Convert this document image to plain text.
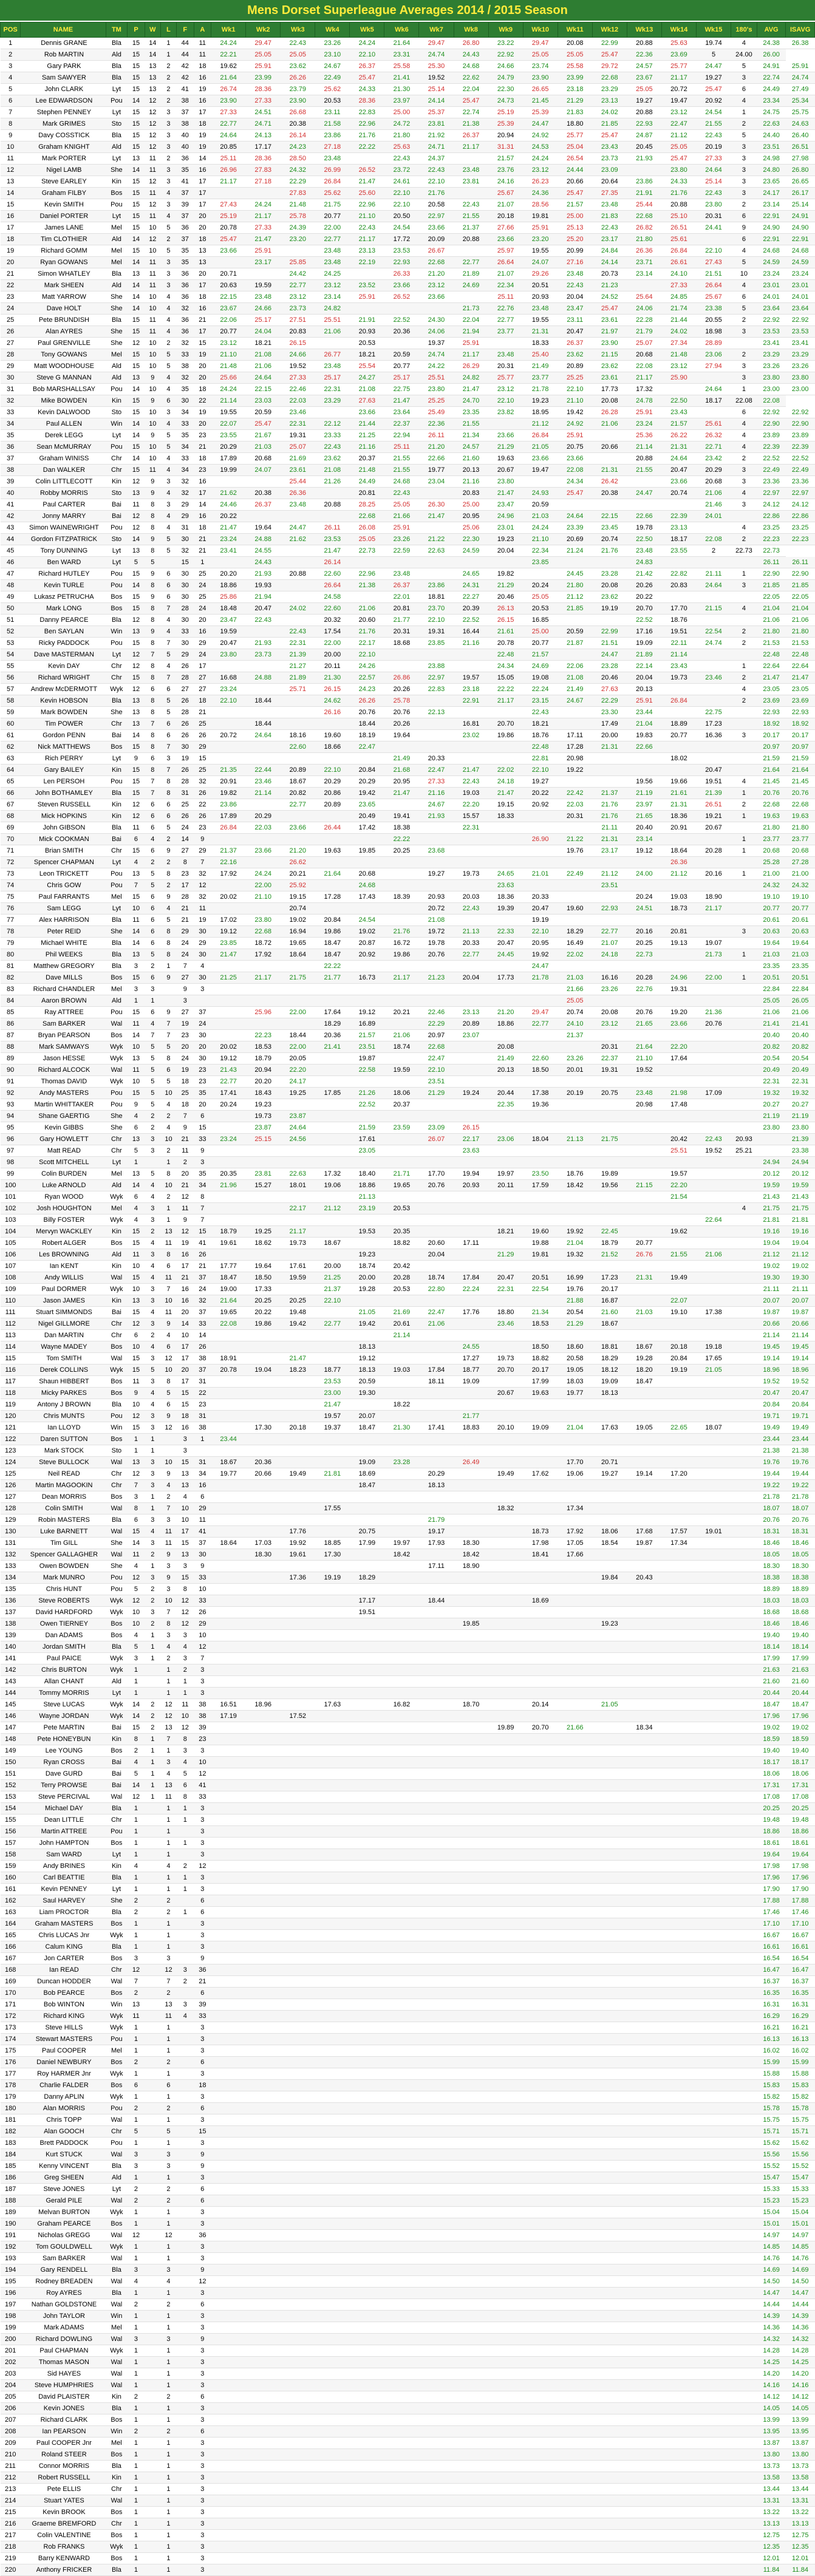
Mens Dorset Superleague Averages 2014 / 2015 Season
POS	NAME	TM	P	W	L	F	A	Wk1	Wk2	Wk3	Wk4	Wk5	Wk6	Wk7	Wk8	Wk9	Wk10	Wk11	Wk12	Wk13	Wk14	Wk15	180's	AVG	ISAVG
1	Dennis GRANE	Bla	15	14	1	44	11	24.24	29.47	22.43	23.26	24.24	21.64	29.47	26.80	23.22	29.47	20.08	22.99	20.88	25.63	19.74	4	24.38	26.38
2	Rob MARTIN	Ald	15	14	1	44	11	22.21	25.05	25.05	23.10	22.10	23.31	24.74	24.43	22.92	25.05	25.05	25.47	22.36	23.69	5	24.00	26.00	
3	Gary PARK	Bla	15	13	2	42	18	19.62	25.91	23.62	24.67	26.37	25.58	25.30	24.68	24.66	23.74	25.58	29.72	24.57	25.77	24.47	5	24.91	25.91
4	Sam SAWYER	Bla	15	13	2	42	16	21.64	23.99	26.26	22.49	25.47	21.41	19.52	22.62	24.79	23.90	23.99	22.68	23.67	21.17	19.27	3	22.74	24.74
5	John CLARK	Lyt	15	13	2	41	19	26.74	28.36	23.79	25.62	24.33	21.30	25.14	22.04	22.30	26.65	23.18	23.29	25.05	20.72	25.47	6	24.49	27.49
6	Lee EDWARDSON	Pou	14	12	2	38	16	23.90	27.33	23.90	20.53	28.36	23.97	24.14	25.47	24.73	21.45	21.29	23.13	19.27	19.47	20.92	4	23.34	25.34
7	Stephen PENNEY	Lyt	15	12	3	37	17	27.33	24.51	26.68	23.11	22.83	25.00	25.37	22.74	25.19	25.39	21.83	24.02	20.88	23.12	24.54	1	24.75	25.75
8	Mark GRIMES	Sto	15	12	3	38	18	22.77	24.71	20.38	21.58	22.96	24.72	23.81	21.38	25.39	24.47	18.80	21.85	22.93	22.47	21.55	2	22.63	24.63
9	Davy COSSTICK	Bla	15	12	3	40	19	24.64	24.13	26.14	23.86	21.76	21.80	21.92	26.37	20.94	24.92	25.77	25.47	24.87	21.12	22.43	5	24.40	26.40
10	Graham KNIGHT	Ald	15	12	3	40	19	20.85	17.17	24.23	27.18	22.22	25.63	24.71	21.17	31.31	24.53	25.04	23.43	20.45	25.05	20.19	3	23.51	26.51
11	Mark PORTER	Lyt	13	11	2	36	14	25.11	28.36	28.50	23.48		22.43	24.37		21.57	24.24	26.54	23.73	21.93	25.47	27.33	3	24.98	27.98
12	Nigel LAMB	She	14	11	3	35	16	26.96	27.83	24.32	26.99	26.52	23.72	22.43	23.48	23.76	23.12	24.44	23.09		23.80	24.64	3	24.80	26.80
13	Steve EARLEY	Kin	15	12	3	41	17	21.17	27.18	22.29	26.84	21.47	24.61	22.10	23.81	24.16	26.23	20.66	20.64	23.86	24.33	25.14	3	23.65	26.65
14	Graham FILBY	Bos	15	11	4	37	17			27.83	25.62	25.60	22.10	21.76		25.67	24.36	25.47	27.35	21.91	21.76	22.43	3	24.17	26.17
15	Kevin SMITH	Pou	15	12	3	39	17	27.43	24.24	21.48	21.75	22.96	22.10	20.58	22.43	21.07	28.56	21.57	23.48	25.44	20.88	23.80	2	23.14	25.14
16	Daniel PORTER	Lyt	15	11	4	37	20	25.19	21.17	25.78	20.77	21.10	20.50	22.97	21.55	20.18	19.81	25.00	21.83	22.68	25.10	20.31	6	22.91	24.91
17	James LANE	Mel	15	10	5	36	20	20.78	27.33	24.39	22.00	22.43	24.54	23.66	21.37	27.66	25.91	25.13	22.43	26.82	26.51	24.41	9	24.90	24.90
18	Tim CLOTHIER	Ald	14	12	2	37	18	25.47	21.47	23.20	22.77	21.17	17.72	20.09	20.88	23.66	23.20	25.20	23.17	21.80	25.61		6	22.91	22.91
19	Richard GOMM	Mel	15	10	5	35	13	23.66	25.91		23.48	23.13	23.53	26.67		25.97	19.55	20.99	24.84	26.36	26.84	22.10	4	24.68	24.68
20	Ryan GOWANS	Mel	14	11	3	35	13		23.17	25.85	23.48	22.19	22.93	22.68	22.77	26.64	24.07	27.16	24.14	23.71	26.61	27.43	5	24.59	24.59
21	Simon WHATLEY	Bla	13	11	3	36	20	20.71		24.42	24.25		26.33	21.20	21.89	21.07	29.26	23.48	20.73	23.14	24.10	21.51	10	23.24	23.24
22	Mark SHEEN	Ald	14	11	3	36	17	20.63	19.59	22.77	23.12	23.52	23.66	23.12	24.69	22.34	20.51	22.43	21.23		27.33	26.64	4	23.01	23.01
23	Matt YARROW	She	14	10	4	36	18	22.15	23.48	23.12	23.14	25.91	26.52	23.66		25.11	20.93	20.04	24.52	25.64	24.85	25.67	6	24.01	24.01
24	Dave HOLT	She	14	10	4	32	16	23.67	24.66	23.73	24.82				21.73	22.76	23.48	23.47	25.47	24.06	21.74	23.38	5	23.64	23.64
25	Pete BRUNDISH	Bla	15	11	4	36	21	22.06	25.17	27.51	25.51	21.91	22.52	24.30	22.04	22.77	19.55	23.11	23.61	22.28	21.44	20.55	2	22.92	22.92
26	Alan AYRES	She	15	11	4	36	17	20.77	24.04	20.83	21.06	20.93	20.36	24.06	21.94	23.77	21.31	20.47	21.97	21.79	24.02	18.98	3	23.53	23.53
27	Paul GRENVILLE	She	12	10	2	32	15	23.12	18.21	26.15		20.53		19.37	25.91		18.33	26.37	23.90	25.07	27.34	28.89		23.41	23.41
28	Tony GOWANS	Mel	15	10	5	33	19	21.10	21.08	24.66	26.77	18.21	20.59	24.74	21.17	23.48	25.40	23.62	21.15	20.68	21.48	23.06	2	23.29	23.29
29	Matt WOODHOUSE	Ald	15	10	5	38	20	21.48	21.06	19.52	23.48	25.54	20.77	24.22	26.29	20.31	21.49	20.89	23.62	22.08	23.12	27.94	3	23.26	23.26
30	Steve G MANNAN	Ald	13	9	4	32	20	25.66	24.64	27.33	25.17	24.27	25.17	25.51	24.82	25.77	23.77	25.25	23.61	21.17	25.90		3	23.80	23.80
31	Bob MARSHALLSAY	Pou	14	10	4	35	18	24.24	22.15	22.46	22.31	21.08	22.75	23.80	21.47	23.12	21.78	22.10	17.73	17.32		24.64	1	23.00	23.00
32	Mike BOWDEN	Kin	15	9	6	30	22	21.14	23.03	22.03	23.29	27.63	21.47	25.25	24.70	22.10	19.23	21.10	20.08	24.78	22.50	18.17	22.08	22.08	
33	Kevin DALWOOD	Sto	15	10	3	34	19	19.55	20.59	23.46		23.66	23.64	25.49	23.35	23.82	18.95	19.42	26.28	25.91	23.43		6	22.92	22.92
34	Paul ALLEN	Win	14	10	4	33	20	22.07	25.47	22.31	22.12	21.44	22.37	22.36	21.55		21.12	24.92	21.06	23.24	21.57	25.61	4	22.90	22.90
35	Derek LEGG	Lyt	14	9	5	35	23	23.55	21.67	19.31	23.33	21.25	22.94	26.11	21.34	23.66	26.84	25.91		25.36	26.22	26.32	4	23.89	23.89
36	Sean McMURRAY	Pou	15	10	5	34	21	20.29	21.03	25.07	22.43	21.16	25.11	21.20	24.57	21.29	21.05	20.75	20.66	21.14	21.31	22.71	4	22.39	22.39
37	Graham WINISS	Chr	14	10	4	33	18	17.89	20.68	21.69	23.62	20.37	21.55	22.66	21.60	19.63	23.66	23.66		20.88	24.64	23.42	2	22.52	22.52
38	Dan WALKER	Chr	15	11	4	34	23	19.99	24.07	23.61	21.08	21.48	21.55	19.77	20.13	20.67	19.47	22.08	21.31	21.55	20.47	20.29	3	22.49	22.49
39	Colin LITTLECOTT	Kin	12	9	3	32	16			25.44	21.26	24.49	24.68	23.04	21.16	23.80		24.34	26.42		23.66	20.68	3	23.36	23.36
40	Robby MORRIS	Sto	13	9	4	32	17	21.62	20.38	26.36		20.81	22.43		20.83	21.47	24.93	25.47	20.38	24.47	20.74	21.06	4	22.97	22.97
41	Paul CARTER	Bai	11	8	3	29	14	24.46	26.37	23.48	20.88	28.25	25.05	26.30	25.00	23.47	20.59					21.46	3	24.12	24.12
42	Jonny MARRY	Bai	12	8	4	29	16	20.22				22.68	21.66	21.47	20.95	24.96	21.03	24.64	22.15	22.66	22.39	24.01		22.86	22.86
43	Simon WAINEWRIGHT	Pou	12	8	4	31	18	21.47	19.64	24.47	26.11	26.08	25.91		25.06	23.01	24.24	23.39	23.45	19.78	23.13		4	23.25	23.25
44	Gordon FITZPATRICK	Sto	14	9	5	30	21	23.24	24.88	21.62	23.53	25.05	23.26	21.22	22.30	19.23	21.10	20.69	20.74	22.50	18.17	22.08	2	22.23	22.23
45	Tony DUNNING	Lyt	13	8	5	32	21	23.41	24.55		21.47	22.73	22.59	22.63	24.59	20.04	22.34	21.24	21.76	23.48	23.55	2	22.73	22.73	
46	Ben WARD	Lyt	5	5		15	1		24.43		26.14						23.85			24.83				26.11	26.11
47	Richard HUTLEY	Pou	15	9	6	30	25	20.20	21.93	20.88	22.60	22.96	23.48		24.65	19.82		24.45	23.28	21.42	22.82	21.11	1	22.90	22.90
48	Kevin TURLE	Pou	14	8	6	30	24	18.86	19.93		26.64	21.38	26.37	23.86	24.31	21.29	20.24	21.80	20.08	20.26	20.83	24.64	3	21.85	21.85
49	Lukasz PETRUCHA	Bos	15	9	6	30	25	25.86	21.94		24.58		22.01	18.81	22.27	20.46	25.05	21.12	23.62	20.22				22.05	22.05
50	Mark LONG	Bos	15	8	7	28	24	18.48	20.47	24.02	22.60	21.06	20.81	23.70	20.39	26.13	20.53	21.85	19.19	20.70	17.70	21.15	4	21.04	21.04
51	Danny PEARCE	Bla	12	8	4	30	20	23.47	22.43		20.32	20.60	21.77	22.10	22.52	26.15	16.85			22.52	18.76			21.06	21.06
52	Ben SAYLAN	Win	13	9	4	33	16	19.59		22.43	17.54	21.76	20.31	19.31	16.44	21.61	25.00	20.59	22.99	17.16	19.51	22.54	2	21.80	21.80
53	Ricky PADDOCK	Pou	15	8	7	30	29	20.47	21.93	22.31	22.00	22.17	18.68	23.85	21.16	20.78	20.77	21.87	21.51	19.09	22.11	24.74	2	21.53	21.53
54	Dave MASTERMAN	Lyt	12	7	5	29	24	23.80	23.73	21.39	20.00	22.10				22.48	21.57		24.47	21.89	21.14			22.48	22.48
55	Kevin DAY	Chr	12	8	4	26	17			21.27	20.11	24.26		23.88		24.34	24.69	22.06	23.28	22.14	23.43		1	22.64	22.64
56	Richard WRIGHT	Chr	15	8	7	28	27	16.68	24.88	21.89	21.30	22.57	26.86	22.97	19.57	15.05	19.08	21.08	20.46	20.04	19.73	23.46	2	21.47	21.47
57	Andrew McDERMOTT	Wyk	12	6	6	27	27	23.24		25.71	26.15	24.23	20.26	22.83	23.18	22.22	22.24	21.49	27.63	20.13			4	23.05	23.05
58	Kevin HOBSON	Bla	13	8	5	26	18	22.10	18.44		24.62	26.26	25.78		22.91	21.17	23.15	24.67	22.29	25.91	26.84		2	23.69	23.69
59	Mark BOWDEN	She	13	8	5	28	21				26.16	20.76	20.76	22.13			22.43		23.30	23.44		22.75		22.93	22.93
60	Tim POWER	Chr	13	7	6	26	25		18.44			18.44	20.26		16.81	20.70	18.21		17.49	21.04	18.89	17.23		18.92	18.92
61	Gordon PENN	Bai	14	8	6	26	26	20.72	24.64	18.16	19.60	18.19	19.64		23.02	19.86	18.76	17.11	20.00	19.83	20.77	16.36	3	20.17	20.17
62	Nick MATTHEWS	Bos	15	8	7	30	29			22.60	18.66	22.47					22.48	17.28	21.31	22.66				20.97	20.97
63	Rich PERRY	Lyt	9	6	3	19	15						21.49	20.33			22.81	20.98			18.02			21.59	21.59
64	Gary BAILEY	Kin	15	8	7	26	25	21.35	22.44	20.89	22.10	20.84	21.68	22.47	21.47	22.02	22.10	19.22				20.47		21.64	21.64
65	Len PERSOH	Pou	15	7	8	28	32	20.91	23.46	18.67	20.29	20.29	20.95	27.33	22.43	24.18	19.27			19.56	19.66	19.51	4	21.45	21.45
66	John BOTHAMLEY	Bla	15	7	8	31	26	19.82	21.14	20.82	20.86	19.42	21.47	21.16	19.03	21.47	20.22	22.42	21.37	21.19	21.61	21.39	1	20.76	20.76
67	Steven RUSSELL	Kin	12	6	6	25	22	23.86		22.77	20.89	23.65		24.67	22.20	19.15	20.92	22.03	21.76	23.97	21.31	26.51	2	22.68	22.68
68	Mick HOPKINS	Kin	12	6	6	26	26	17.89	20.29			20.49	19.41	21.93	15.57	18.33		20.31	21.76	21.65	18.36	19.21	1	19.63	19.63
69	John GIBSON	Bla	11	6	5	24	23	26.84	22.03	23.66	26.44	17.42	18.38		22.31				21.11	20.40	20.91	20.67		21.80	21.80
70	Mick COOKMAN	Bai	6	4	2	14	9						22.22				26.90	21.22	21.31	23.14			1	23.77	23.77
71	Brian SMITH	Chr	15	6	9	27	29	21.37	23.66	21.20	19.63	19.85	20.25	23.68				19.76	23.17	19.12	18.64	20.28	1	20.68	20.68
72	Spencer CHAPMAN	Lyt	4	2	2	8	7	22.16		26.62											26.36			25.28	27.28
73	Leon TRICKETT	Pou	13	5	8	23	32	17.92	24.24	20.21	21.64	20.68		19.27	19.73	24.65	21.01	22.49	21.12	24.00	21.12	20.16	1	21.00	21.00
74	Chris GOW	Pou	7	5	2	17	12		22.00	25.92		24.68				23.63			23.51					24.32	24.32
75	Paul FARRANTS	Mel	15	6	9	28	32	20.02	21.10	19.15	17.28	17.43	18.39	20.93	20.03	18.36	20.33			20.24	19.03	18.90		19.10	19.10
76	Sam LEGG	Lyt	10	6	4	21	11			20.74				20.72	22.43	19.39	20.47	19.60	22.93	24.51	18.73	21.17		20.77	20.77
77	Alex HARRISON	Bla	11	6	5	21	19	17.02	23.80	19.02	20.84	24.54		21.08			19.19							20.61	20.61
78	Peter REID	She	14	6	8	29	30	19.12	22.68	16.94	19.86	19.02	21.76	19.72	21.13	22.33	22.10	18.29	22.77	20.16	20.81		3	20.63	20.63
79	Michael WHITE	Bla	14	6	8	24	29	23.85	18.72	19.65	18.47	20.87	16.72	19.78	20.33	20.47	20.95	16.49	21.07	20.25	19.13	19.07		19.64	19.64
80	Phil WEEKS	Bla	13	5	8	24	30	21.47	17.92	18.64	18.47	20.92	19.86	20.76	22.77	24.45	19.92	22.02	24.18	22.73		21.73	1	21.03	21.03
81	Matthew GREGORY	Bla	3	2	1	7	4				22.22						24.47							23.35	23.35
82	Dave MILLS	Bos	15	6	9	27	30	21.25	21.17	21.75	21.77	16.73	21.17	21.23	20.04	17.73	21.78	21.03	16.16	20.28	24.96	22.00	1	20.51	20.51
83	Richard CHANDLER	Mel	3	3		9	3											21.66	23.26	22.76	19.31			22.84	22.84
84	Aaron BROWN	Ald	1	1		3												25.05						25.05	26.05
85	Ray ATTREE	Pou	15	6	9	27	37		25.96	22.00	17.64	19.12	20.21	22.46	23.13	21.20	29.47	20.74	20.08	20.76	19.20	21.36		21.06	21.06
86	Sam BARKER	Wal	11	4	7	19	24				18.29	16.89		22.29	20.89	18.86	22.77	24.10	23.12	21.65	23.66	20.76		21.41	21.41
87	Bryan PEARSON	Bos	14	7	7	23	30		22.23	18.44	20.36	21.57	21.06	20.97	23.07			21.37						20.40	20.40
88	Mark SAMWAYS	Wyk	10	5	5	20	20	20.02	18.53	22.00	21.41	23.51	18.74	22.68		20.08			20.31	21.64	22.20			20.82	20.82
89	Jason HESSE	Wyk	13	5	8	24	30	19.12	18.79	20.05		19.87		22.47		21.49	22.60	23.26	22.37	21.10	17.64			20.54	20.54
90	Richard ALCOCK	Wal	11	5	6	19	23	21.43	20.94	22.20		22.58	19.59	22.10		20.13	18.50	20.01	19.31	19.52				20.49	20.49
91	Thomas DAVID	Wyk	10	5	5	18	23	22.77	20.20	24.17				23.51										22.31	22.31
92	Andy MASTERS	Pou	15	5	10	25	35	17.41	18.43	19.25	17.85	21.26	18.06	21.29	19.24	20.44	17.38	20.19	20.75	23.48	21.98	17.09		19.32	19.32
93	Martin WHITTAKER	Pou	9	5	4	18	20	20.24	19.23			22.52	20.37			22.35	19.36			20.98	17.48			20.27	20.27
94	Shane GAERTIG	She	4	2	2	7	6		19.73	23.87														21.19	21.19
95	Kevin GIBBS	She	6	2	4	9	15		23.87	24.64		21.59	23.59	23.09	26.15									23.80	23.80
96	Gary HOWLETT	Chr	13	3	10	21	33	23.24	25.15	24.56		17.61		26.07	22.17	23.06	18.04	21.13	21.75		20.42	22.43	20.93		21.39
97	Matt READ	Chr	5	3	2	11	9					23.05			23.63						25.51	19.52	25.21		23.38
98	Scott MITCHELL	Lyt	1		1	2	3																	24.94	24.94
99	Colin BURDEN	Mel	13	5	8	20	35	20.35	23.81	22.63	17.32	18.40	21.71	17.70	19.94	19.97	23.50	18.76	19.89		19.57			20.12	20.12
100	Luke ARNOLD	Ald	14	4	10	21	34	21.96	15.27	18.01	19.06	18.86	19.65	20.76	20.93	20.11	17.59	18.42	19.56	21.15	22.20			19.59	19.59
101	Ryan WOOD	Wyk	6	4	2	12	8					21.13									21.54			21.43	21.43
102	Josh HOUGHTON	Mel	4	3	1	11	7			22.17	21.12	23.19	20.53										4	21.75	21.75
103	Billy FOSTER	Wyk	4	3	1	9	7															22.64		21.81	21.81
104	Mervyn WACKLEY	Kin	15	2	13	12	15	18.79	19.25	21.17		19.53	20.35			18.21	19.60	19.92	22.45		19.62			19.16	19.16
105	Robert ALGER	Bos	15	4	11	19	41	19.61	18.62	19.73	18.67		18.82	20.60	17.11		19.88	21.04	18.79	20.77				19.04	19.04
106	Les BROWNING	Ald	11	3	8	16	26					19.23		20.04		21.29	19.81	19.32	21.52	26.76	21.55	21.06		21.12	21.12
107	Ian KENT	Kin	10	4	6	17	21	17.77	19.64	17.61	20.00	18.74	20.42											19.02	19.02
108	Andy WILLIS	Wal	15	4	11	21	37	18.47	18.50	19.59	21.25	20.00	20.28	18.74	17.84	20.47	20.51	16.99	17.23	21.31	19.49			19.30	19.30
109	Paul DORMER	Wyk	10	3	7	16	24	19.00	17.33		21.37	19.28	20.53	22.80	22.24	22.31	22.54	19.76	20.17					21.11	21.11
110	Jason JAMES	Kin	13	3	10	16	32	21.64	20.25	20.25	22.10							21.88	16.87		22.07			20.07	20.07
111	Stuart SIMMONDS	Bai	15	4	11	20	37	19.65	20.22	19.48		21.05	21.69	22.47	17.76	18.80	21.34	20.54	21.60	21.03	19.10	17.38		19.87	19.87
112	Nigel GILLMORE	Chr	12	3	9	14	33	22.08	19.86	19.42	22.77	19.42	20.61	21.06		23.46	18.53	21.29	18.67					20.66	20.66
113	Dan MARTIN	Chr	6	2	4	10	14						21.14											21.14	21.14
114	Wayne MADEY	Bos	10	4	6	17	26					18.13			24.55		18.50	18.60	18.81	18.67	20.18	19.18		19.45	19.45
115	Tom SMITH	Wal	15	3	12	17	38	18.91		21.47		19.12			17.27	19.73	18.82	20.58	18.29	19.28	20.84	17.65		19.14	19.14
116	Derek COLLINS	Wyk	15	5	10	20	37	20.78	19.04	18.23	18.77	18.13	19.03	17.84	18.77	20.70	20.17	19.05	18.12	18.20	19.19	21.05		18.96	18.96
117	Shaun HIBBERT	Bos	11	3	8	17	31				23.53	20.59		18.11	19.09		17.99	18.03	19.09	18.47				19.52	19.52
118	Micky PARKES	Bos	9	4	5	15	22				23.00	19.30				20.67	19.63	19.77	18.13					20.47	20.47
119	Antony J BROWN	Bla	10	4	6	15	23				21.47		18.22											20.84	20.84
120	Chris MUNTS	Pou	12	3	9	18	31				19.57	20.07			21.77									19.71	19.71
121	Ian LLOYD	Win	15	3	12	16	38		17.30	20.18	19.37	18.47	21.30	17.41	18.83	20.10	19.09	21.04	17.63	19.05	22.65	18.07		19.49	19.49
122	Daren SUTTON	Bos	1	1		3	1	23.44																23.44	23.44
123	Mark STOCK	Sto	1	1		3																		21.38	21.38
124	Steve BULLOCK	Wal	13	3	10	15	31	18.67	20.36			19.09	23.28		26.49			17.70	20.71					19.76	19.76
125	Neil READ	Chr	12	3	9	13	34	19.77	20.66	19.49	21.81	18.69		20.29		19.49	17.62	19.06	19.27	19.14	17.20			19.44	19.44
126	Martin MAGOOKIN	Chr	7	3	4	13	16					18.47		18.13										19.22	19.22
127	Dean MORRIS	Bos	3	1	2	4	6																	21.78	21.78
128	Colin SMITH	Wal	8	1	7	10	29				17.55					18.32		17.34						18.07	18.07
129	Robin MASTERS	Bla	6	3	3	10	11							21.79										20.76	20.76
130	Luke BARNETT	Wal	15	4	11	17	41			17.76		20.75		19.17			18.73	17.92	18.06	17.68	17.57	19.01		18.31	18.31
131	Tim GILL	She	14	3	11	15	37	18.64	17.03	19.92	18.85	17.99	19.97	17.93	18.30		17.98	17.05	18.54	19.87	17.34			18.46	18.46
132	Spencer GALLAGHER	Wal	11	2	9	13	30		18.30	19.61	17.30		18.42		18.42		18.41	17.66						18.05	18.05
133	Owen BOWDEN	She	4	1	3	3	9							17.11	18.90									18.30	18.30
134	Mark MUNRO	Pou	12	3	9	15	33			17.36	19.19	18.29							19.84	20.43				18.38	18.38
135	Chris HUNT	Pou	5	2	3	8	10																	18.89	18.89
136	Steve ROBERTS	Wyk	12	2	10	12	33					17.17		18.44			18.69							18.03	18.03
137	David HARDFORD	Wyk	10	3	7	12	26					19.51												18.68	18.68
138	Owen TIERNEY	Bos	10	2	8	12	29								19.85				19.23					18.46	18.46
139	Dan ADAMS	Bos	4	1	3	3	10																	19.40	19.40
140	Jordan SMITH	Bla	5	1	4	4	12																	18.14	18.14
141	Paul PAICE	Wyk	3	1	2	3	7																	17.99	17.99
142	Chris BURTON	Wyk	1		1	2	3																	21.63	21.63
143	Allan CHANT	Ald	1		1	1	3																	21.60	21.60
144	Tommy MORRIS	Lyt	1		1	1	3																	20.44	20.44
145	Steve LUCAS	Wyk	14	2	12	11	38	16.51	18.96		17.63		16.82		18.70		20.14		21.05					18.47	18.47
146	Wayne JORDAN	Wyk	14	2	12	10	38	17.19		17.52														17.96	17.96
147	Pete MARTIN	Bai	15	2	13	12	39									19.89	20.70	21.66		18.34				19.02	19.02
148	Pete HONEYBUN	Kin	8	1	7	8	23																	18.59	18.59
149	Lee YOUNG	Bos	2	1	1	3	3																	19.40	19.40
150	Ryan CROSS	Bai	4	1	3	4	10																	18.17	18.17
151	Dave GURD	Bai	5	1	4	5	12																	18.06	18.06
152	Terry PROWSE	Bai	14	1	13	6	41																	17.31	17.31
153	Steve PERCIVAL	Wal	12	1	11	8	33																	17.08	17.08
154	Michael DAY	Bla	1		1	1	3																	20.25	20.25
155	Dean LITTLE	Chr	1		1	1	3																	19.48	19.48
156	Martin ATTREE	Pou	1		1		3																	18.86	18.86
157	John HAMPTON	Bos	1		1	1	3																	18.61	18.61
158	Sam WARD	Lyt	1		1		3																	19.64	19.64
159	Andy BRINES	Kin	4		4	2	12																	17.98	17.98
160	Carl BEATTIE	Bla	1		1	1	3																	17.96	17.96
161	Kevin PENNEY	Lyt	1		1	1	3																	17.90	17.90
162	Saul HARVEY	She	2		2		6																	17.88	17.88
163	Liam PROCTOR	Bla	2		2	1	6																	17.46	17.46
164	Graham MASTERS	Bos	1		1		3																	17.10	17.10
165	Chris LUCAS Jnr	Wyk	1		1		3																	16.67	16.67
166	Calum KING	Bla	1		1		3																	16.61	16.61
167	Jon CARTER	Bos	3		3		9																	16.54	16.54
168	Ian READ	Chr	12		12	3	36																	16.47	16.47
169	Duncan HODDER	Wal	7		7	2	21																	16.37	16.37
170	Bob PEARCE	Bos	2		2		6																	16.35	16.35
171	Bob WINTON	Win	13		13	3	39																	16.31	16.31
172	Richard KING	Wyk	11		11	4	33																	16.29	16.29
173	Steve HILLS	Wyk	1		1		3																	16.21	16.21
174	Stewart MASTERS	Pou	1		1		3																	16.13	16.13
175	Paul COOPER	Mel	1		1		3																	16.02	16.02
176	Daniel NEWBURY	Bos	2		2		6																	15.99	15.99
177	Roy HARMER Jnr	Wyk	1		1		3																	15.88	15.88
178	Charlie FALDER	Bos	6		6		18																	15.83	15.83
179	Danny APLIN	Wyk	1		1		3																	15.82	15.82
180	Alan MORRIS	Pou	2		2		6																	15.78	15.78
181	Chris TOPP	Wal	1		1		3																	15.75	15.75
182	Alan GOOCH	Chr	5		5		15																	15.71	15.71
183	Brett PADDOCK	Pou	1		1		3																	15.62	15.62
184	Kurt STUCK	Wal	3		3		9																	15.56	15.56
185	Kenny VINCENT	Bla	3		3		9																	15.52	15.52
186	Greg SHEEN	Ald	1		1		3																	15.47	15.47
187	Steve JONES	Lyt	2		2		6																	15.33	15.33
188	Gerald PILE	Wal	2		2		6																	15.23	15.23
189	Melvan BURTON	Wyk	1		1		3																	15.04	15.04
190	Graham PEARCE	Bos	1		1		3																	15.01	15.01
191	Nicholas GREGG	Wal	12		12		36																	14.97	14.97
192	Tom GOULDWELL	Wyk	1		1		3																	14.85	14.85
193	Sam BARKER	Wal	1		1		3																	14.76	14.76
194	Gary RENDELL	Bla	3		3		9																	14.69	14.69
195	Rodney BREADEN	Wal	4		4		12																	14.50	14.50
196	Roy AYRES	Bla	1		1		3																	14.47	14.47
197	Nathan GOLDSTONE	Wal	2		2		6																	14.44	14.44
198	John TAYLOR	Win	1		1		3																	14.39	14.39
199	Mark ADAMS	Mel	1		1		3																	14.36	14.36
200	Richard DOWLING	Wal	3		3		9																	14.32	14.32
201	Paul CHAPMAN	Wyk	1		1		3																	14.28	14.28
202	Thomas MASON	Wal	1		1		3																	14.25	14.25
203	Sid HAYES	Wal	1		1		3																	14.20	14.20
204	Steve HUMPHRIES	Wal	1		1		3																	14.16	14.16
205	David PLAISTER	Kin	2		2		6																	14.12	14.12
206	Kevin JONES	Bla	1		1		3																	14.05	14.05
207	Richard CLARK	Bos	1		1		3																	13.99	13.99
208	Ian PEARSON	Win	2		2		6																	13.95	13.95
209	Paul COOPER Jnr	Mel	1		1		3																	13.87	13.87
210	Roland STEER	Bos	1		1		3																	13.80	13.80
211	Connor MORRIS	Bla	1		1		3																	13.73	13.73
212	Robert RUSSELL	Kin	1		1		3																	13.58	13.58
213	Pete ELLIS	Chr	1		1		3																	13.44	13.44
214	Stuart YATES	Wal	1		1		3																	13.31	13.31
215	Kevin BROOK	Bos	1		1		3																	13.22	13.22
216	Graeme BREMFORD	Chr	1		1		3																	13.13	13.13
217	Colin VALENTINE	Bos	1		1		3																	12.75	12.75
218	Rob FRANKS	Wyk	1		1		3																	12.35	12.35
219	Barry KENWARD	Bos	1		1		3																	12.01	12.01
220	Anthony FRICKER	Bla	1		1		3																	11.84	11.84
